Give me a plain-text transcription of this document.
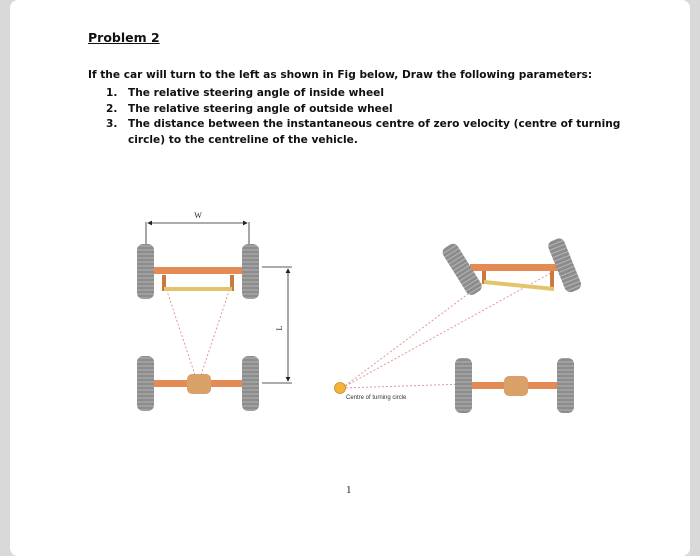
Problem 2
If the car will turn to the left as shown in Fig below, Draw the following parameters:
1. The relative steering angle of inside wheel
2. The relative steering angle of outside wheel
3. The distance between the instantaneous centre of zero velocity (centre of turning circle) to the centreline of the vehicle.
W
L
Centre of turning circle
1
